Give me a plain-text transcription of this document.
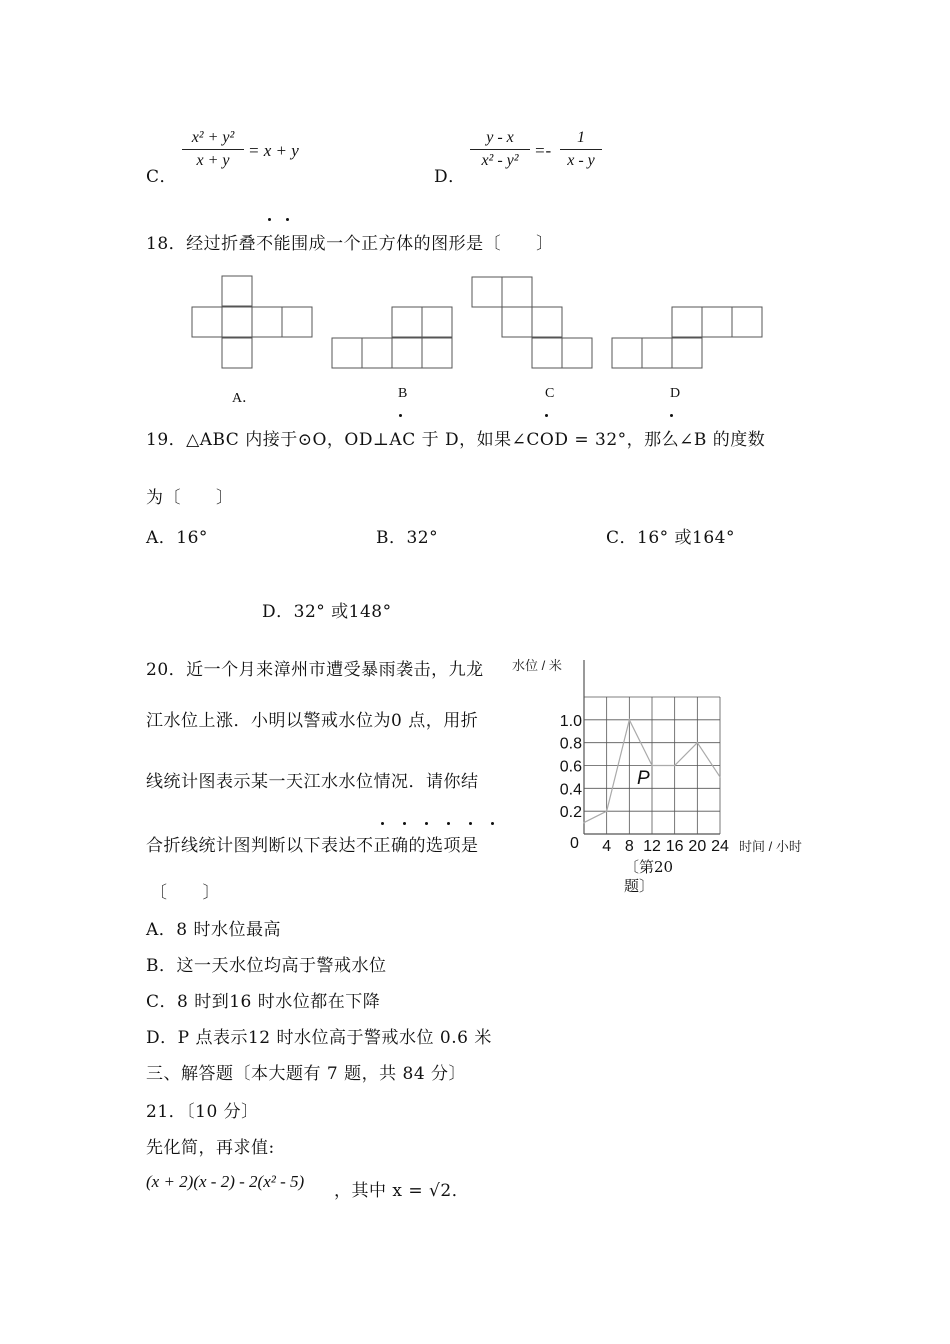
C．
x² + y²
x + y
= x + y
D．
y - x
x² - y²
=-
1
x - y
18．经过折叠不能围成一个正方体的图形是〔　　〕
A．	B	C	D
19．△ABC 内接于⊙O，OD⊥AC 于 D，如果∠COD = 32°，那么∠B 的度数
为〔　　〕
A．16°	B．32°	C．16° 或164°
D．32° 或148°
20．近一个月来漳州市遭受暴雨袭击，九龙
江水位上涨．小明以警戒水位为0 点，用折
线统计图表示某一天江水水位情况．请你结
合折线统计图判断以下表达不正确的选项是
〔　　〕
0 4 8 12 16 20 24
0.2
0.4
0.6
0.8
1.0
水位 / 米
时间 / 小时
P
〔第20
题〕
A．8 时水位最高
B．这一天水位均高于警戒水位
C．8 时到16 时水位都在下降
D．P 点表示12 时水位高于警戒水位 0.6 米
三、解答题〔本大题有 7 题，共 84 分〕
21．〔10 分〕
先化简，再求值:
(x + 2)(x - 2) - 2(x² - 5) ，其中 x = √2．
